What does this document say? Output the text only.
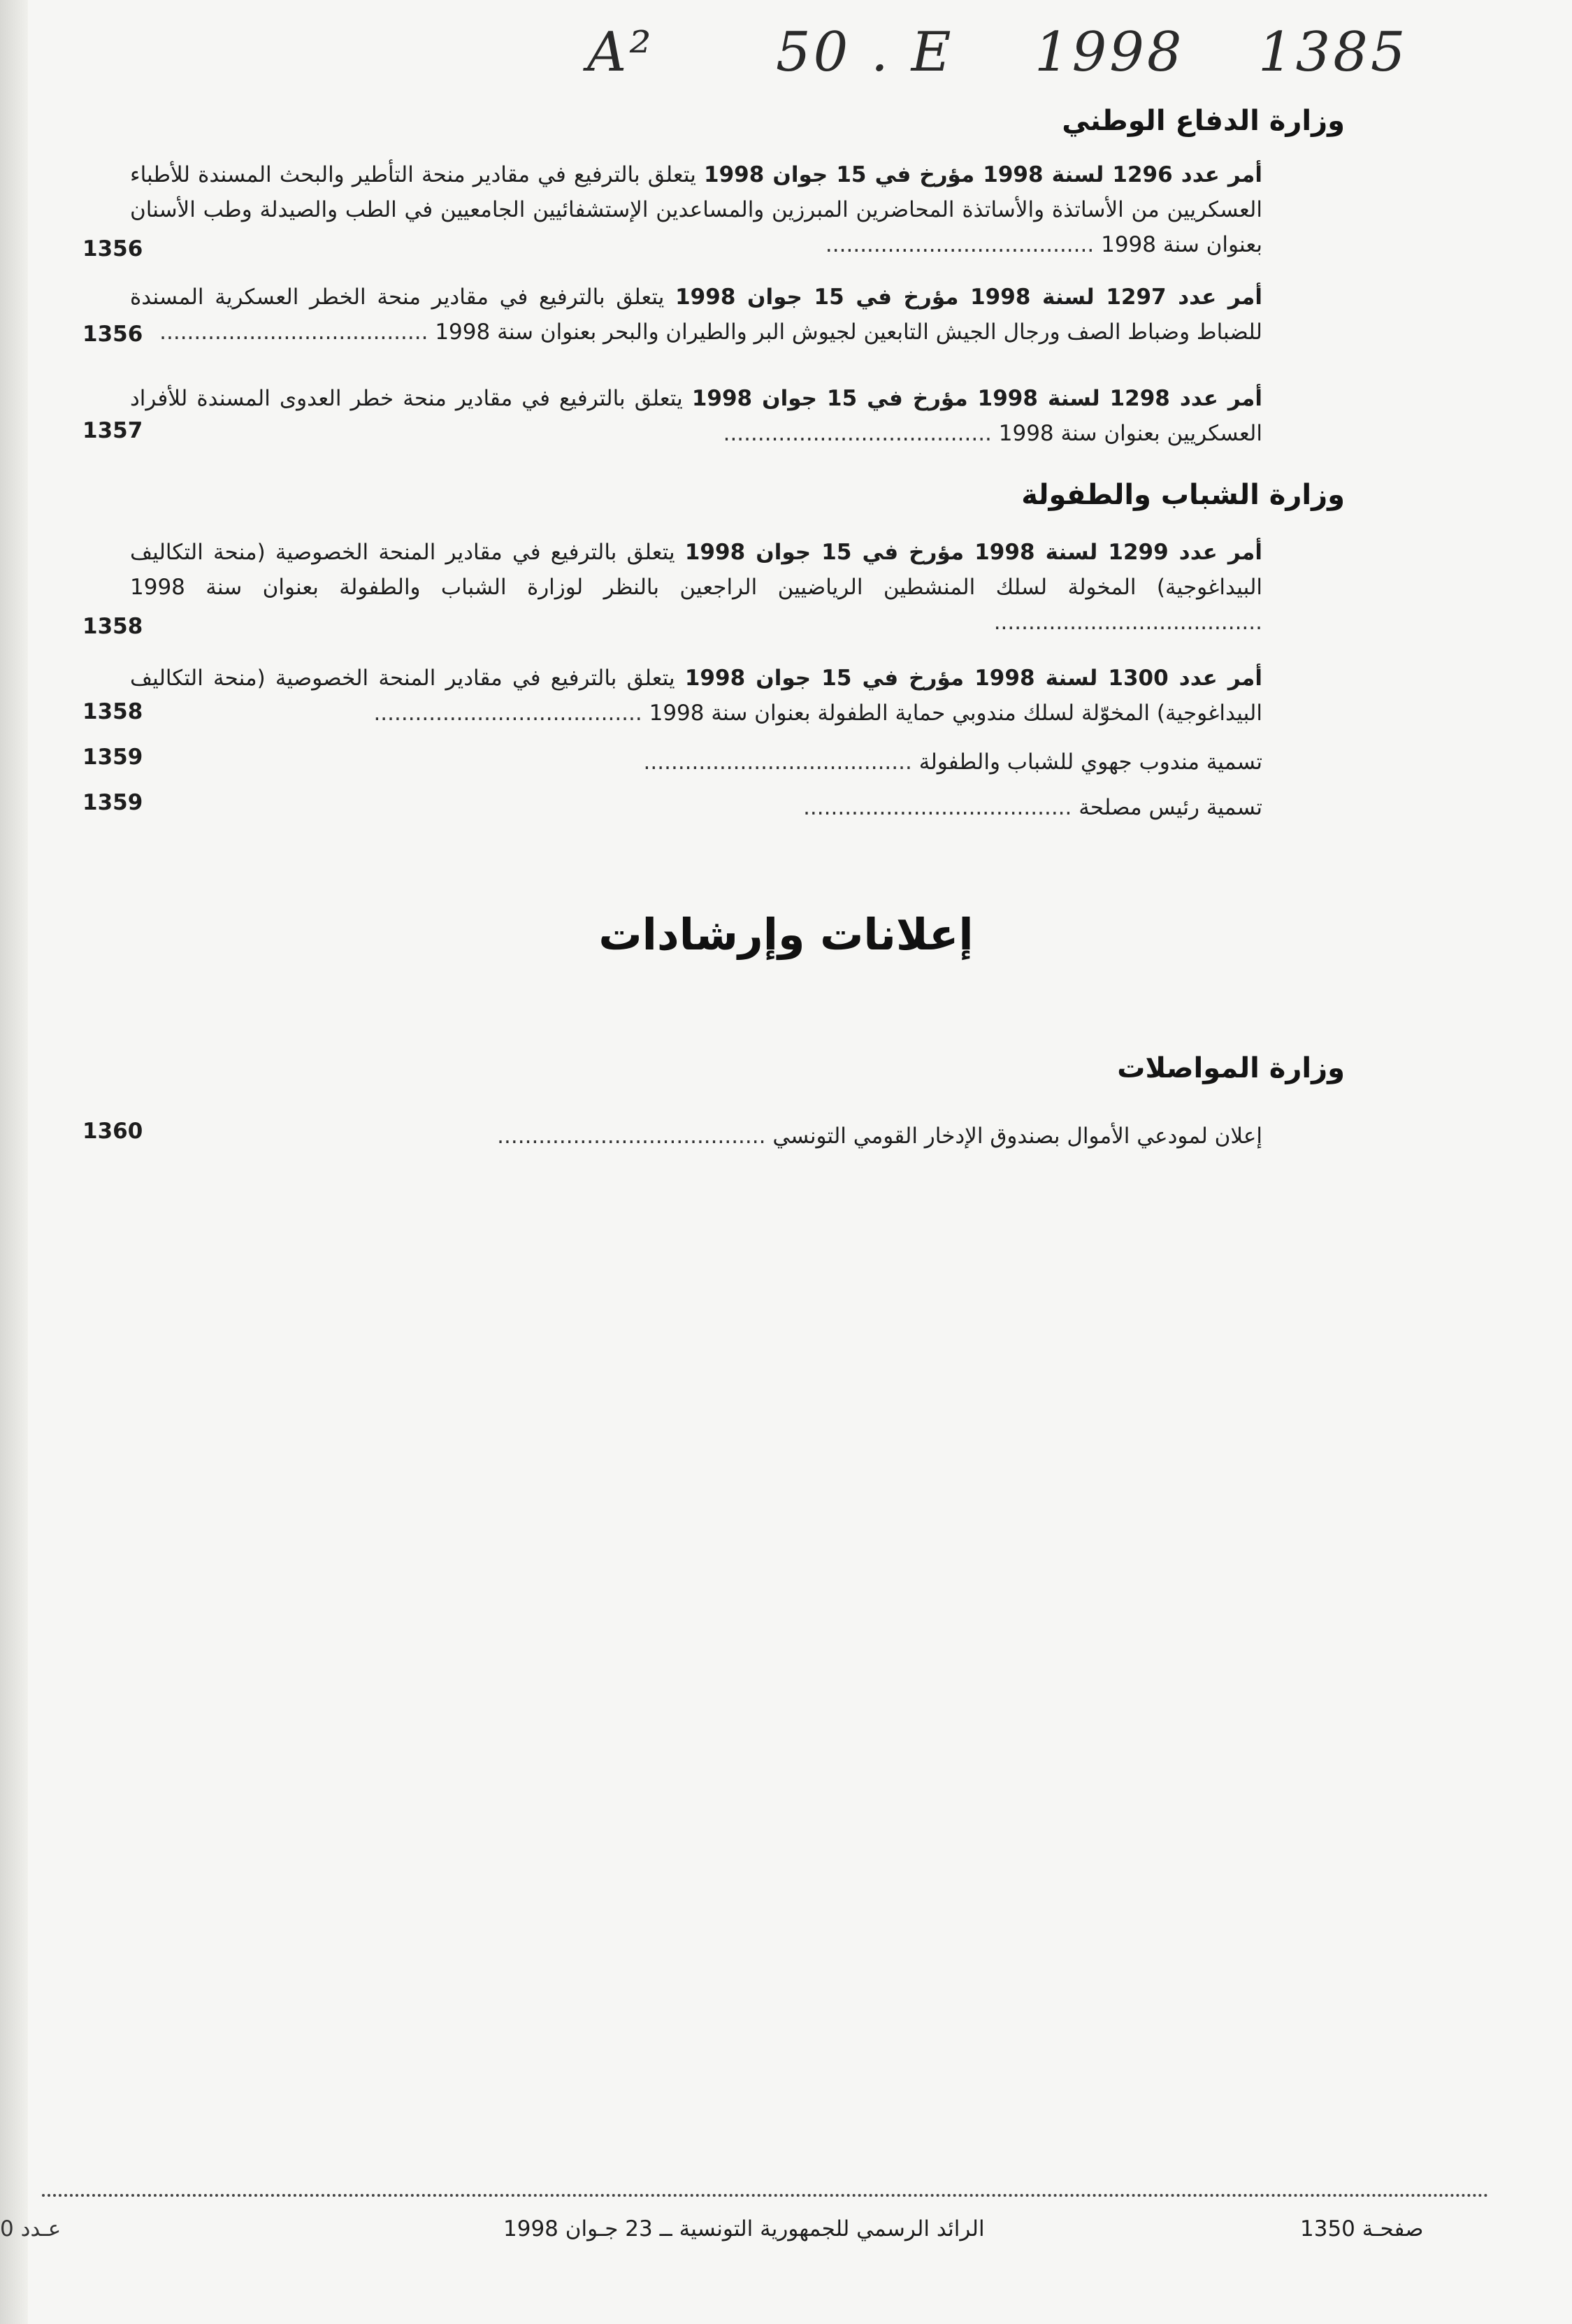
A² 50 . E 1998 1385
وزارة الدفاع الوطني
أمر عدد 1296 لسنة 1998 مؤرخ في 15 جوان 1998 يتعلق بالترفيع في مقادير منحة التأطير والبحث المسندة للأطباء العسكريين من الأساتذة والأساتذة المحاضرين المبرزين والمساعدين الإستشفائيين الجامعيين في الطب والصيدلة وطب الأسنان بعنوان سنة 1998 .......................................
1356
أمر عدد 1297 لسنة 1998 مؤرخ في 15 جوان 1998 يتعلق بالترفيع في مقادير منحة الخطر العسكرية المسندة للضباط وضباط الصف ورجال الجيش التابعين لجيوش البر والطيران والبحر بعنوان سنة 1998 .......................................
1356
أمر عدد 1298 لسنة 1998 مؤرخ في 15 جوان 1998 يتعلق بالترفيع في مقادير منحة خطر العدوى المسندة للأفراد العسكريين بعنوان سنة 1998 .......................................
1357
وزارة الشباب والطفولة
أمر عدد 1299 لسنة 1998 مؤرخ في 15 جوان 1998 يتعلق بالترفيع في مقادير المنحة الخصوصية (منحة التكاليف البيداغوجية) المخولة لسلك المنشطين الرياضيين الراجعين بالنظر لوزارة الشباب والطفولة بعنوان سنة 1998 .......................................
1358
أمر عدد 1300 لسنة 1998 مؤرخ في 15 جوان 1998 يتعلق بالترفيع في مقادير المنحة الخصوصية (منحة التكاليف البيداغوجية) المخوّلة لسلك مندوبي حماية الطفولة بعنوان سنة 1998 .......................................
1358
تسمية مندوب جهوي للشباب والطفولة .......................................
1359
تسمية رئيس مصلحة .......................................
1359
إعلانات وإرشادات
وزارة المواصلات
إعلان لمودعي الأموال بصندوق الإدخار القومي التونسي .......................................
1360
صفحـة 1350
الرائد الرسمي للجمهورية التونسية ــ 23 جـوان 1998
عـدد 0
